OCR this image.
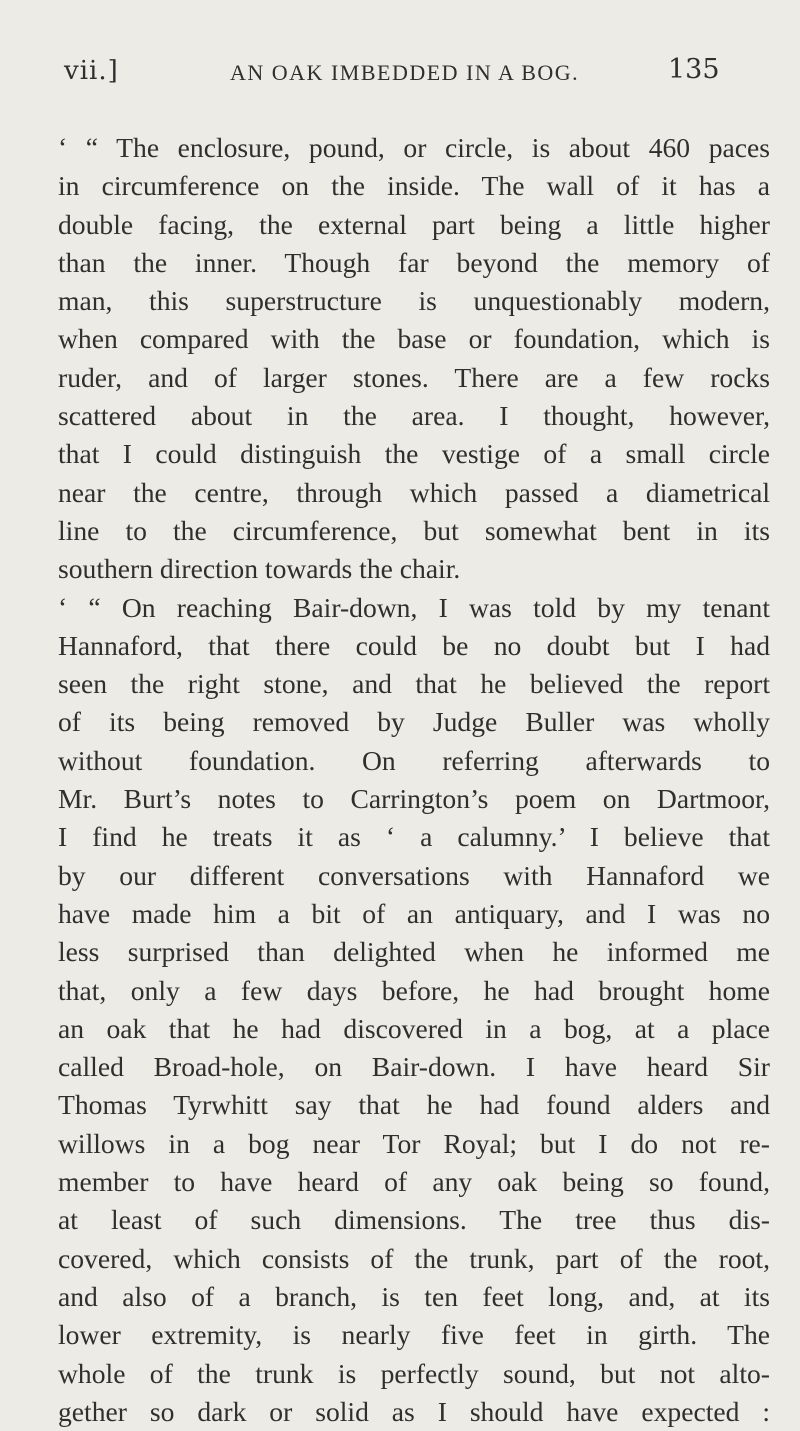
vii.]	AN OAK IMBEDDED IN A BOG.	135
‘ “ The enclosure, pound, or circle, is about 460 paces
in circumference on the inside. The wall of it has a
double facing, the external part being a little higher
than the inner. Though far beyond the memory of
man, this superstructure is unquestionably modern,
when compared with the base or foundation, which is
ruder, and of larger stones. There are a few rocks
scattered about in the area. I thought, however,
that I could distinguish the vestige of a small circle
near the centre, through which passed a diametrical
line to the circumference, but somewhat bent in its
southern direction towards the chair.
‘ “ On reaching Bair-down, I was told by my tenant
Hannaford, that there could be no doubt but I had
seen the right stone, and that he believed the report
of its being removed by Judge Buller was wholly
without foundation. On referring afterwards to
Mr. Burt’s notes to Carrington’s poem on Dartmoor,
I find he treats it as ‘ a calumny.’ I believe that
by our different conversations with Hannaford we
have made him a bit of an antiquary, and I was no
less surprised than delighted when he informed me
that, only a few days before, he had brought home
an oak that he had discovered in a bog, at a place
called Broad-hole, on Bair-down. I have heard Sir
Thomas Tyrwhitt say that he had found alders and
willows in a bog near Tor Royal; but I do not re-
member to have heard of any oak being so found,
at least of such dimensions. The tree thus dis-
covered, which consists of the trunk, part of the root,
and also of a branch, is ten feet long, and, at its
lower extremity, is nearly five feet in girth. The
whole of the trunk is perfectly sound, but not alto-
gether so dark or solid as I should have expected :
